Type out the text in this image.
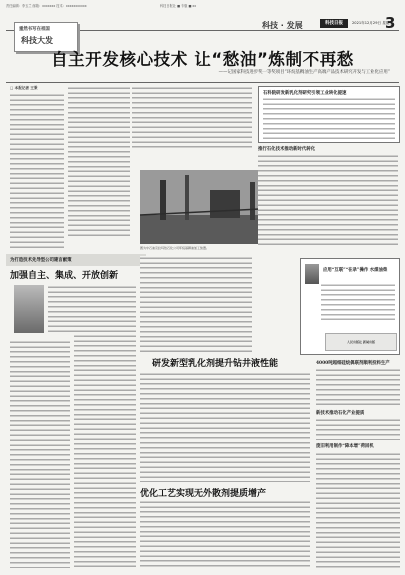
责任编辑：李玉兰 邮箱：xxxxxxx 技术：xxxxxxxxxxx	科技日报社 ■ 专版 ■ xx
科技 · 发展	科技日报	2021年12月29日 星期三
3
重然书写在祖国
科技大发
自主开发核心技术 让“愁油”炼制不再愁
——记国家科技进步奖一等奖项目“环烷基稠油生产高端产品技术研究开发与工业化应用”
□ 本报记者 王秉
图为中石油克拉玛依石化公司环烷基稠油加工装置。
石科院研发新乳化剂研究引领工业转化提速
推行石化技术推动新时代转化
为打造技术先导型公司建言献策
加强自主、集成、开放创新
研发新型乳化剂提升钻井液性能
优化工艺实现无外散剂提质增产
应用“互联”“在录”操作 水煤油柴
人民出版社 新闻出版
4000吨超细硅烷偶联剂顺利投料生产
新技术推动石化产业提质
废旧利用制作“降本增”荷回机
